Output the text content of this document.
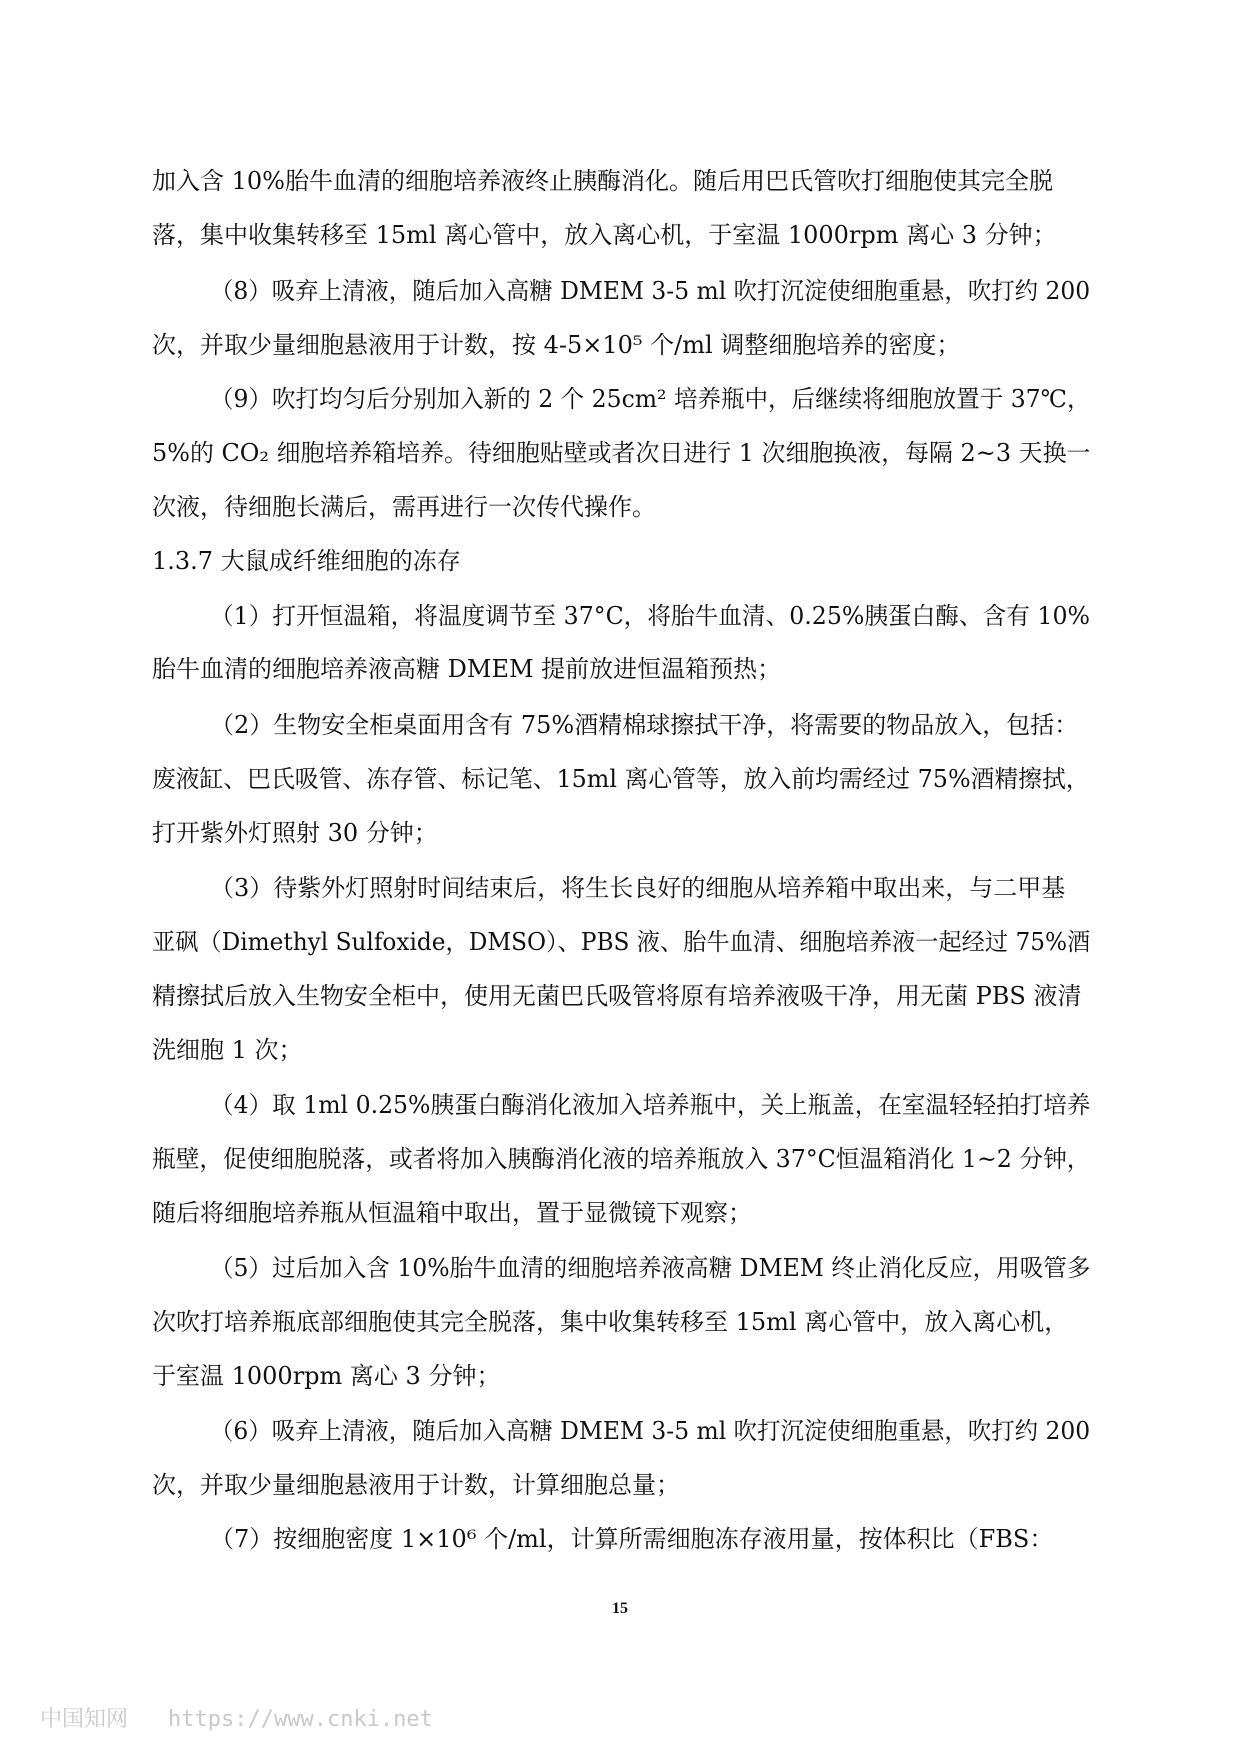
加入含 10%胎牛血清的细胞培养液终止胰酶消化。随后用巴氏管吹打细胞使其完全脱
落，集中收集转移至 15ml 离心管中，放入离心机，于室温 1000rpm 离心 3 分钟；
（8）吸弃上清液，随后加入高糖 DMEM 3-5 ml 吹打沉淀使细胞重悬，吹打约 200
次，并取少量细胞悬液用于计数，按 4-5×10⁵ 个/ml 调整细胞培养的密度；
（9）吹打均匀后分别加入新的 2 个 25cm² 培养瓶中，后继续将细胞放置于 37℃，
5%的 CO₂ 细胞培养箱培养。待细胞贴壁或者次日进行 1 次细胞换液，每隔 2~3 天换一
次液，待细胞长满后，需再进行一次传代操作。
1.3.7 大鼠成纤维细胞的冻存
（1）打开恒温箱，将温度调节至 37°C，将胎牛血清、0.25%胰蛋白酶、含有 10%
胎牛血清的细胞培养液高糖 DMEM 提前放进恒温箱预热；
（2）生物安全柜桌面用含有 75%酒精棉球擦拭干净，将需要的物品放入，包括：
废液缸、巴氏吸管、冻存管、标记笔、15ml 离心管等，放入前均需经过 75%酒精擦拭，
打开紫外灯照射 30 分钟；
（3）待紫外灯照射时间结束后，将生长良好的细胞从培养箱中取出来，与二甲基
亚砜（Dimethyl Sulfoxide，DMSO）、PBS 液、胎牛血清、细胞培养液一起经过 75%酒
精擦拭后放入生物安全柜中，使用无菌巴氏吸管将原有培养液吸干净，用无菌 PBS 液清
洗细胞 1 次；
（4）取 1ml 0.25%胰蛋白酶消化液加入培养瓶中，关上瓶盖，在室温轻轻拍打培养
瓶壁，促使细胞脱落，或者将加入胰酶消化液的培养瓶放入 37°C恒温箱消化 1~2 分钟，
随后将细胞培养瓶从恒温箱中取出，置于显微镜下观察；
（5）过后加入含 10%胎牛血清的细胞培养液高糖 DMEM 终止消化反应，用吸管多
次吹打培养瓶底部细胞使其完全脱落，集中收集转移至 15ml 离心管中，放入离心机，
于室温 1000rpm 离心 3 分钟；
（6）吸弃上清液，随后加入高糖 DMEM 3-5 ml 吹打沉淀使细胞重悬，吹打约 200
次，并取少量细胞悬液用于计数，计算细胞总量；
（7）按细胞密度 1×10⁶ 个/ml，计算所需细胞冻存液用量，按体积比（FBS：
15
中国知网 https://www.cnki.net
